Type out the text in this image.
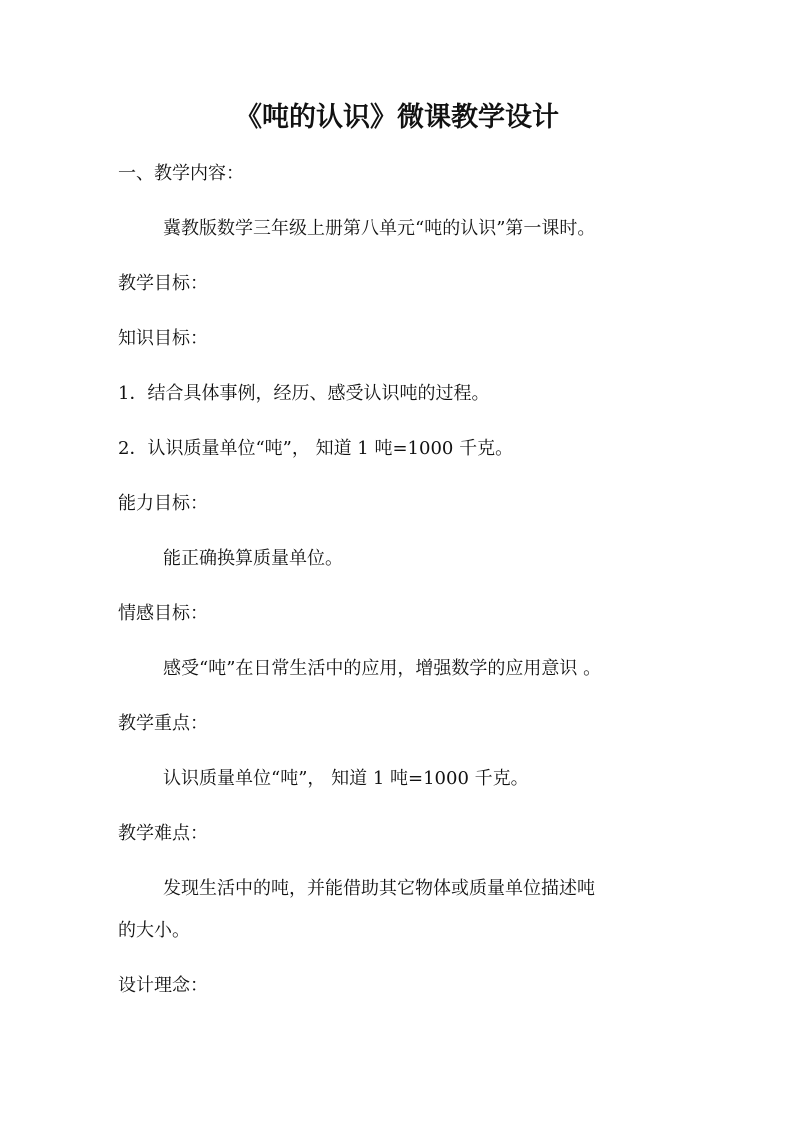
《吨的认识》微课教学设计
一、教学内容：
冀教版数学三年级上册第八单元“吨的认识”第一课时。
教学目标：
知识目标：
1．结合具体事例，经历、感受认识吨的过程。
2．认识质量单位“吨”， 知道 1 吨=1000 千克。
能力目标：
能正确换算质量单位。
情感目标：
感受“吨”在日常生活中的应用，增强数学的应用意识 。
教学重点：
认识质量单位“吨”， 知道 1 吨=1000 千克。
教学难点：
发现生活中的吨，并能借助其它物体或质量单位描述吨
的大小。
设计理念：
